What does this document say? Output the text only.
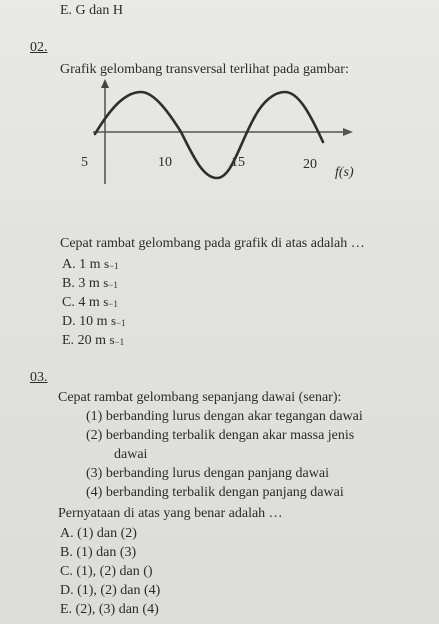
E. G dan H
02.
Grafik gelombang transversal terlihat pada gambar:
5	10	15	20
f(s)
Cepat rambat gelombang pada grafik di atas adalah …
A. 1 m s−1
B. 3 m s−1
C. 4 m s−1
D. 10 m s−1
E. 20 m s−1
03.
Cepat rambat gelombang sepanjang dawai (senar):
(1) berbanding lurus dengan akar tegangan dawai
(2) berbanding terbalik dengan akar massa jenis
dawai
(3) berbanding lurus dengan panjang dawai
(4) berbanding terbalik dengan panjang dawai
Pernyataan di atas yang benar adalah …
A. (1) dan (2)
B. (1) dan (3)
C. (1), (2) dan ()
D. (1), (2) dan (4)
E. (2), (3) dan (4)
